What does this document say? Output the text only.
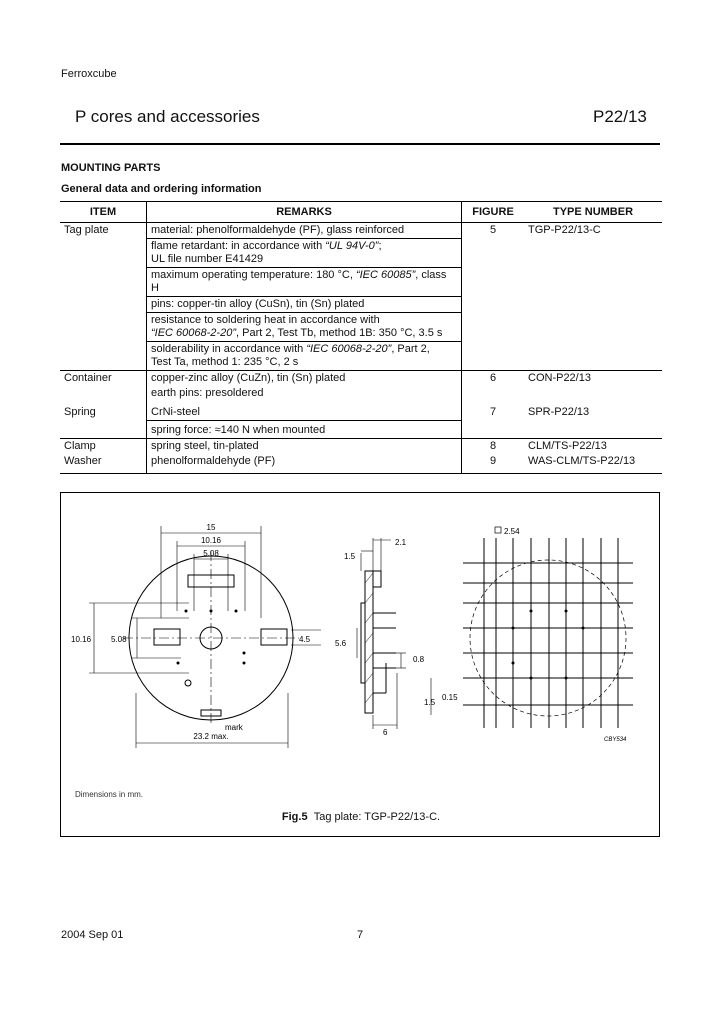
Ferroxcube
P cores and accessories	P22/13
MOUNTING PARTS
General data and ordering information
ITEM	REMARKS	FIGURE	TYPE NUMBER
Tag plate	material: phenolformaldehyde (PF), glass reinforced	5	TGP-P22/13-C
	flame retardant: in accordance with “UL 94V-0”;
UL file number E41429		
	maximum operating temperature: 180 °C, “IEC 60085”, class H		
	pins: copper-tin alloy (CuSn), tin (Sn) plated		
	resistance to soldering heat in accordance with
“IEC 60068-2-20”, Part 2, Test Tb, method 1B: 350 °C, 3.5 s		
	solderability in accordance with “IEC 60068-2-20”, Part 2,
Test Ta, method 1: 235 °C, 2 s		
Container	copper-zinc alloy (CuZn), tin (Sn) plated	6	CON-P22/13
	earth pins: presoldered		
Spring	CrNi-steel	7	SPR-P22/13
	spring force: ≈140 N when mounted		
Clamp	spring steel, tin-plated	8	CLM/TS-P22/13
Washer	phenolformaldehyde (PF)	9	WAS-CLM/TS-P22/13
15
10.16
5.08
10.16 5.08	4.5
23.2 max.
mark
2.1
1.5
5.6
0.8
1.5
0.15
6
2.54
CBY534
Dimensions in mm.
Fig.5 Tag plate: TGP-P22/13-C.
2004 Sep 01	7
